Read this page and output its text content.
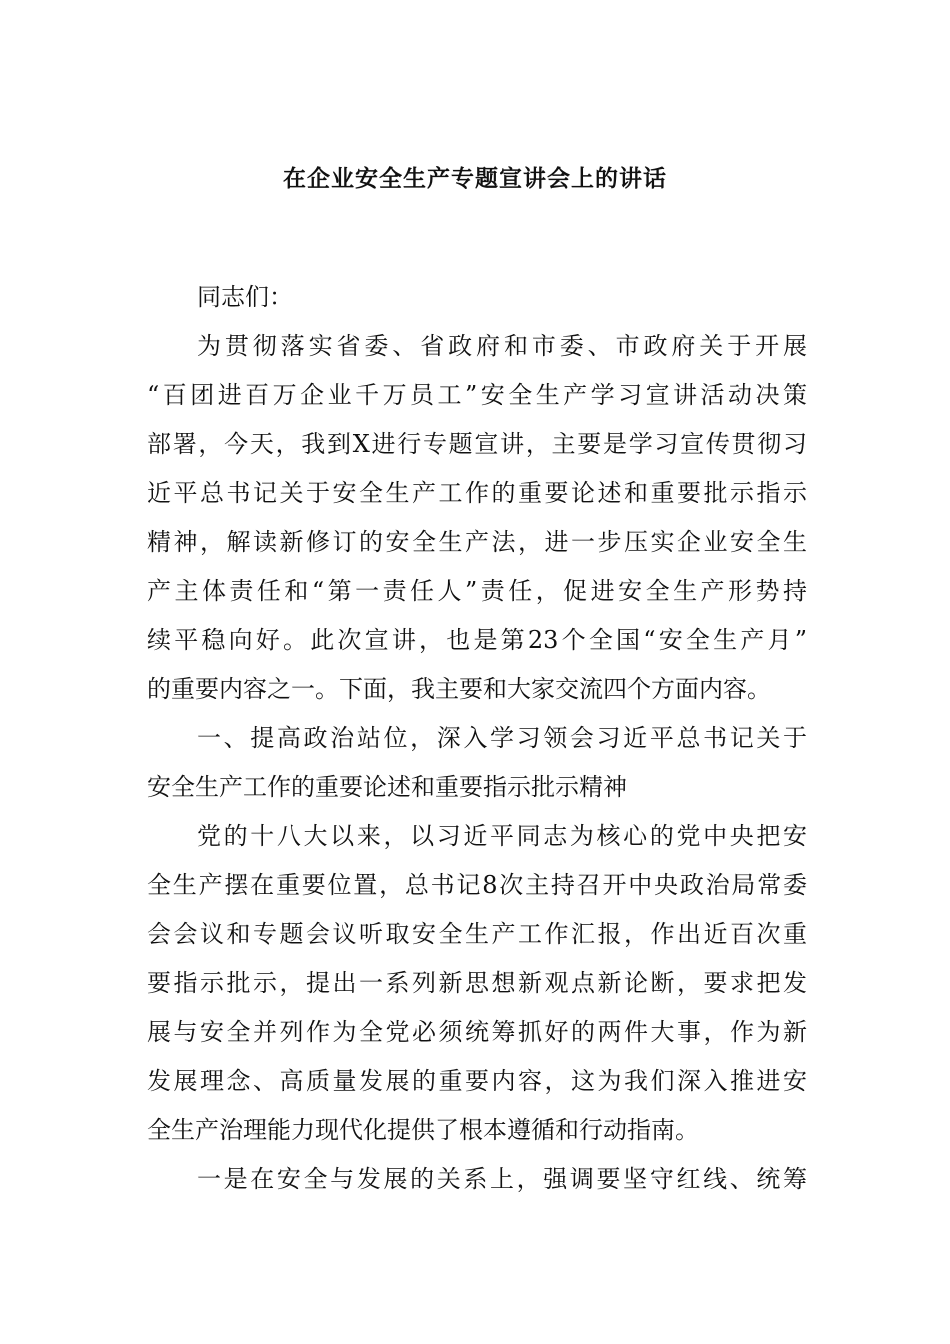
在企业安全生产专题宣讲会上的讲话
同志们：
为贯彻落实省委、省政府和市委、市政府关于开展
“百团进百万企业千万员工”安全生产学习宣讲活动决策
部署，今天，我到X进行专题宣讲，主要是学习宣传贯彻习
近平总书记关于安全生产工作的重要论述和重要批示指示
精神，解读新修订的安全生产法，进一步压实企业安全生
产主体责任和“第一责任人”责任，促进安全生产形势持
续平稳向好。此次宣讲，也是第23个全国“安全生产月”
的重要内容之一。下面，我主要和大家交流四个方面内容。
一、提高政治站位，深入学习领会习近平总书记关于
安全生产工作的重要论述和重要指示批示精神
党的十八大以来，以习近平同志为核心的党中央把安
全生产摆在重要位置，总书记8次主持召开中央政治局常委
会会议和专题会议听取安全生产工作汇报，作出近百次重
要指示批示，提出一系列新思想新观点新论断，要求把发
展与安全并列作为全党必须统筹抓好的两件大事，作为新
发展理念、高质量发展的重要内容，这为我们深入推进安
全生产治理能力现代化提供了根本遵循和行动指南。
一是在安全与发展的关系上，强调要坚守红线、统筹
